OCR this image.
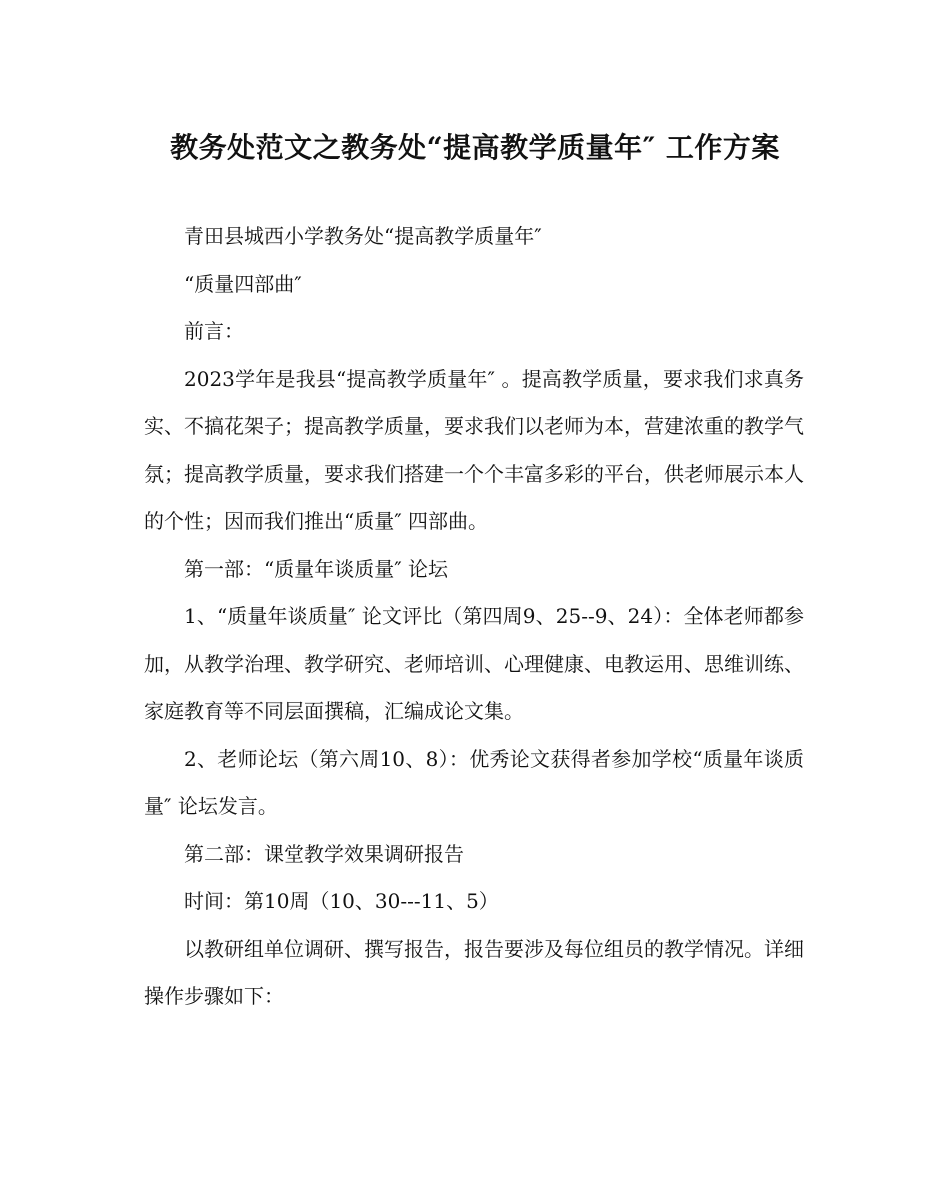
教务处范文之教务处“提高教学质量年″ 工作方案

青田县城西小学教务处“提高教学质量年″

“质量四部曲″

前言：

2023学年是我县“提高教学质量年″ 。提高教学质量，要求我们求真务实、不搞花架子；提高教学质量，要求我们以老师为本，营建浓重的教学气氛；提高教学质量，要求我们搭建一个个丰富多彩的平台，供老师展示本人的个性；因而我们推出“质量″ 四部曲。

第一部：“质量年谈质量″ 论坛

1、“质量年谈质量″ 论文评比（第四周9、25--9、24）：全体老师都参加，从教学治理、教学研究、老师培训、心理健康、电教运用、思维训练、家庭教育等不同层面撰稿，汇编成论文集。

2、老师论坛（第六周10、8）：优秀论文获得者参加学校“质量年谈质量″ 论坛发言。

第二部：课堂教学效果调研报告

时间：第10周（10、30---11、5）

以教研组单位调研、撰写报告，报告要涉及每位组员的教学情况。详细操作步骤如下：
